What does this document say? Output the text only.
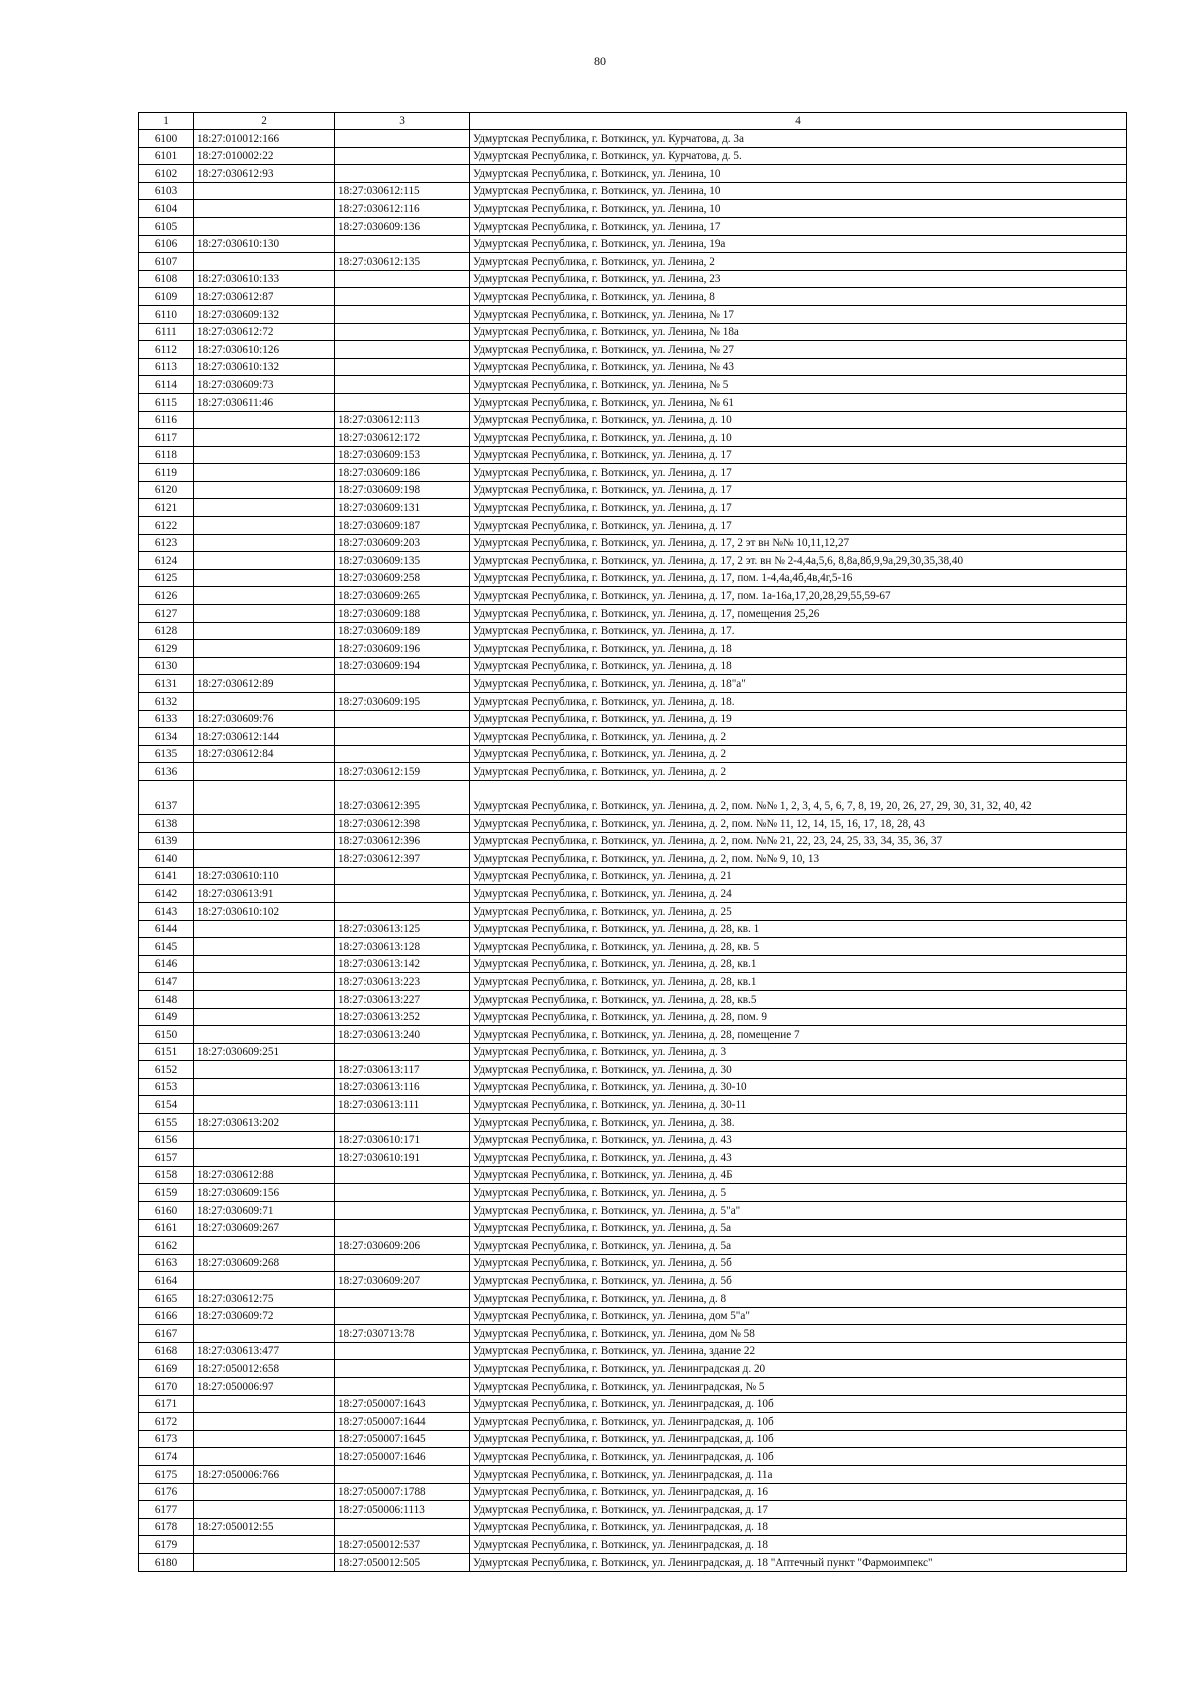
80
1	2	3	4
6100	18:27:010012:166		Удмуртская Республика, г. Воткинск, ул. Курчатова, д. 3а
6101	18:27:010002:22		Удмуртская Республика, г. Воткинск, ул. Курчатова, д. 5.
6102	18:27:030612:93		Удмуртская Республика, г. Воткинск, ул. Ленина, 10
6103		18:27:030612:115	Удмуртская Республика, г. Воткинск, ул. Ленина, 10
6104		18:27:030612:116	Удмуртская Республика, г. Воткинск, ул. Ленина, 10
6105		18:27:030609:136	Удмуртская Республика, г. Воткинск, ул. Ленина, 17
6106	18:27:030610:130		Удмуртская Республика, г. Воткинск, ул. Ленина, 19а
6107		18:27:030612:135	Удмуртская Республика, г. Воткинск, ул. Ленина, 2
6108	18:27:030610:133		Удмуртская Республика, г. Воткинск, ул. Ленина, 23
6109	18:27:030612:87		Удмуртская Республика, г. Воткинск, ул. Ленина, 8
6110	18:27:030609:132		Удмуртская Республика, г. Воткинск, ул. Ленина, № 17
6111	18:27:030612:72		Удмуртская Республика, г. Воткинск, ул. Ленина, № 18а
6112	18:27:030610:126		Удмуртская Республика, г. Воткинск, ул. Ленина, № 27
6113	18:27:030610:132		Удмуртская Республика, г. Воткинск, ул. Ленина, № 43
6114	18:27:030609:73		Удмуртская Республика, г. Воткинск, ул. Ленина, № 5
6115	18:27:030611:46		Удмуртская Республика, г. Воткинск, ул. Ленина, № 61
6116		18:27:030612:113	Удмуртская Республика, г. Воткинск, ул. Ленина, д. 10
6117		18:27:030612:172	Удмуртская Республика, г. Воткинск, ул. Ленина, д. 10
6118		18:27:030609:153	Удмуртская Республика, г. Воткинск, ул. Ленина, д. 17
6119		18:27:030609:186	Удмуртская Республика, г. Воткинск, ул. Ленина, д. 17
6120		18:27:030609:198	Удмуртская Республика, г. Воткинск, ул. Ленина, д. 17
6121		18:27:030609:131	Удмуртская Республика, г. Воткинск, ул. Ленина, д. 17
6122		18:27:030609:187	Удмуртская Республика, г. Воткинск, ул. Ленина, д. 17
6123		18:27:030609:203	Удмуртская Республика, г. Воткинск, ул. Ленина, д. 17, 2 эт вн №№ 10,11,12,27
6124		18:27:030609:135	Удмуртская Республика, г. Воткинск, ул. Ленина, д. 17, 2 эт. вн № 2-4,4а,5,6, 8,8а,8б,9,9а,29,30,35,38,40
6125		18:27:030609:258	Удмуртская Республика, г. Воткинск, ул. Ленина, д. 17, пом. 1-4,4а,4б,4в,4г,5-16
6126		18:27:030609:265	Удмуртская Республика, г. Воткинск, ул. Ленина, д. 17, пом. 1а-16а,17,20,28,29,55,59-67
6127		18:27:030609:188	Удмуртская Республика, г. Воткинск, ул. Ленина, д. 17, помещения 25,26
6128		18:27:030609:189	Удмуртская Республика, г. Воткинск, ул. Ленина, д. 17.
6129		18:27:030609:196	Удмуртская Республика, г. Воткинск, ул. Ленина, д. 18
6130		18:27:030609:194	Удмуртская Республика, г. Воткинск, ул. Ленина, д. 18
6131	18:27:030612:89		Удмуртская Республика, г. Воткинск, ул. Ленина, д. 18"а"
6132		18:27:030609:195	Удмуртская Республика, г. Воткинск, ул. Ленина, д. 18.
6133	18:27:030609:76		Удмуртская Республика, г. Воткинск, ул. Ленина, д. 19
6134	18:27:030612:144		Удмуртская Республика, г. Воткинск, ул. Ленина, д. 2
6135	18:27:030612:84		Удмуртская Республика, г. Воткинск, ул. Ленина, д. 2
6136		18:27:030612:159	Удмуртская Республика, г. Воткинск, ул. Ленина, д. 2
6137		18:27:030612:395	Удмуртская Республика, г. Воткинск, ул. Ленина, д. 2, пом. №№ 1, 2, 3, 4, 5, 6, 7, 8, 19, 20, 26, 27, 29, 30, 31, 32, 40, 42
6138		18:27:030612:398	Удмуртская Республика, г. Воткинск, ул. Ленина, д. 2, пом. №№ 11, 12, 14, 15, 16, 17, 18, 28, 43
6139		18:27:030612:396	Удмуртская Республика, г. Воткинск, ул. Ленина, д. 2, пом. №№ 21, 22, 23, 24, 25, 33, 34, 35, 36, 37
6140		18:27:030612:397	Удмуртская Республика, г. Воткинск, ул. Ленина, д. 2, пом. №№ 9, 10, 13
6141	18:27:030610:110		Удмуртская Республика, г. Воткинск, ул. Ленина, д. 21
6142	18:27:030613:91		Удмуртская Республика, г. Воткинск, ул. Ленина, д. 24
6143	18:27:030610:102		Удмуртская Республика, г. Воткинск, ул. Ленина, д. 25
6144		18:27:030613:125	Удмуртская Республика, г. Воткинск, ул. Ленина, д. 28, кв. 1
6145		18:27:030613:128	Удмуртская Республика, г. Воткинск, ул. Ленина, д. 28, кв. 5
6146		18:27:030613:142	Удмуртская Республика, г. Воткинск, ул. Ленина, д. 28, кв.1
6147		18:27:030613:223	Удмуртская Республика, г. Воткинск, ул. Ленина, д. 28, кв.1
6148		18:27:030613:227	Удмуртская Республика, г. Воткинск, ул. Ленина, д. 28, кв.5
6149		18:27:030613:252	Удмуртская Республика, г. Воткинск, ул. Ленина, д. 28, пом. 9
6150		18:27:030613:240	Удмуртская Республика, г. Воткинск, ул. Ленина, д. 28, помещение 7
6151	18:27:030609:251		Удмуртская Республика, г. Воткинск, ул. Ленина, д. 3
6152		18:27:030613:117	Удмуртская Республика, г. Воткинск, ул. Ленина, д. 30
6153		18:27:030613:116	Удмуртская Республика, г. Воткинск, ул. Ленина, д. 30-10
6154		18:27:030613:111	Удмуртская Республика, г. Воткинск, ул. Ленина, д. 30-11
6155	18:27:030613:202		Удмуртская Республика, г. Воткинск, ул. Ленина, д. 38.
6156		18:27:030610:171	Удмуртская Республика, г. Воткинск, ул. Ленина, д. 43
6157		18:27:030610:191	Удмуртская Республика, г. Воткинск, ул. Ленина, д. 43
6158	18:27:030612:88		Удмуртская Республика, г. Воткинск, ул. Ленина, д. 4Б
6159	18:27:030609:156		Удмуртская Республика, г. Воткинск, ул. Ленина, д. 5
6160	18:27:030609:71		Удмуртская Республика, г. Воткинск, ул. Ленина, д. 5"а"
6161	18:27:030609:267		Удмуртская Республика, г. Воткинск, ул. Ленина, д. 5а
6162		18:27:030609:206	Удмуртская Республика, г. Воткинск, ул. Ленина, д. 5а
6163	18:27:030609:268		Удмуртская Республика, г. Воткинск, ул. Ленина, д. 5б
6164		18:27:030609:207	Удмуртская Республика, г. Воткинск, ул. Ленина, д. 5б
6165	18:27:030612:75		Удмуртская Республика, г. Воткинск, ул. Ленина, д. 8
6166	18:27:030609:72		Удмуртская Республика, г. Воткинск, ул. Ленина, дом 5"а"
6167		18:27:030713:78	Удмуртская Республика, г. Воткинск, ул. Ленина, дом № 58
6168	18:27:030613:477		Удмуртская Республика, г. Воткинск, ул. Ленина, здание 22
6169	18:27:050012:658		Удмуртская Республика, г. Воткинск, ул. Ленинградская д. 20
6170	18:27:050006:97		Удмуртская Республика, г. Воткинск, ул. Ленинградская, № 5
6171		18:27:050007:1643	Удмуртская Республика, г. Воткинск, ул. Ленинградская, д. 10б
6172		18:27:050007:1644	Удмуртская Республика, г. Воткинск, ул. Ленинградская, д. 10б
6173		18:27:050007:1645	Удмуртская Республика, г. Воткинск, ул. Ленинградская, д. 10б
6174		18:27:050007:1646	Удмуртская Республика, г. Воткинск, ул. Ленинградская, д. 10б
6175	18:27:050006:766		Удмуртская Республика, г. Воткинск, ул. Ленинградская, д. 11а
6176		18:27:050007:1788	Удмуртская Республика, г. Воткинск, ул. Ленинградская, д. 16
6177		18:27:050006:1113	Удмуртская Республика, г. Воткинск, ул. Ленинградская, д. 17
6178	18:27:050012:55		Удмуртская Республика, г. Воткинск, ул. Ленинградская, д. 18
6179		18:27:050012:537	Удмуртская Республика, г. Воткинск, ул. Ленинградская, д. 18
6180		18:27:050012:505	Удмуртская Республика, г. Воткинск, ул. Ленинградская, д. 18 "Аптечный пункт "Фармоимпекс"
